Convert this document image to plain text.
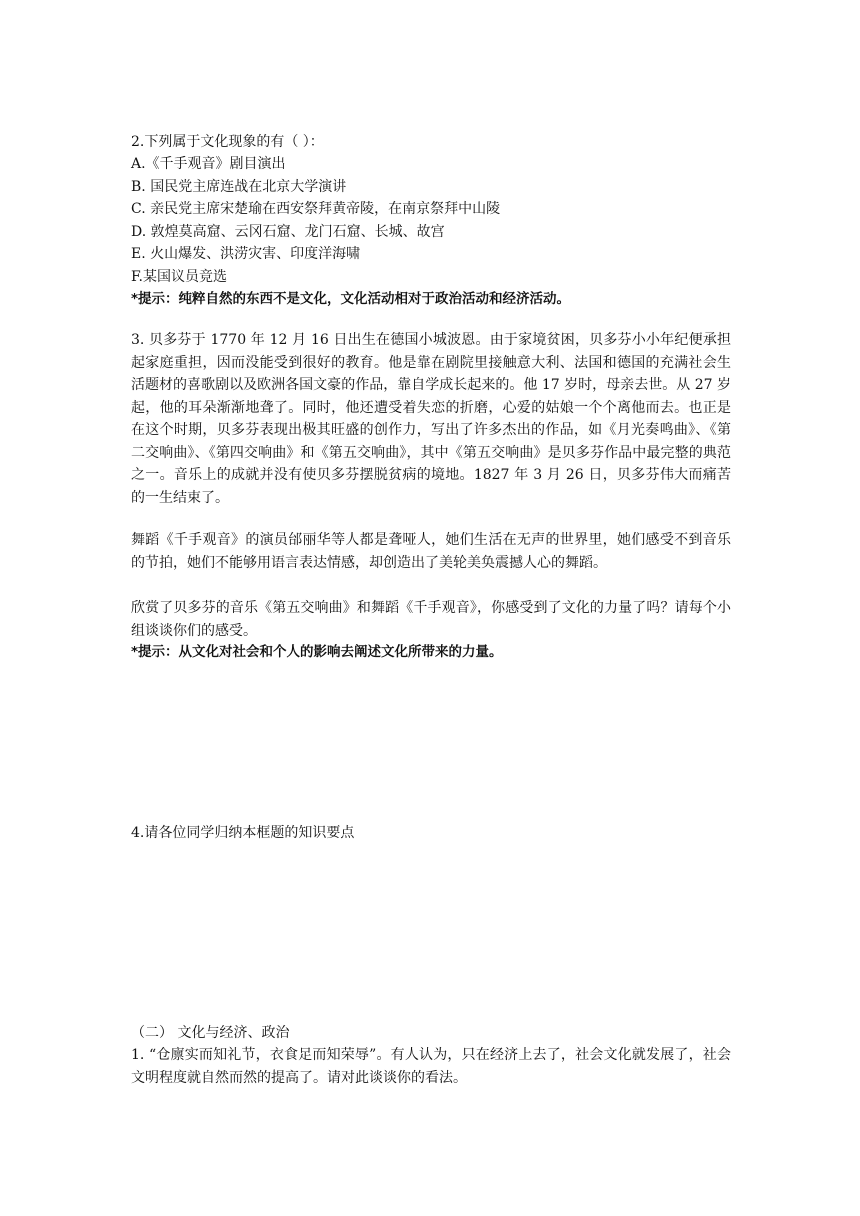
2.下列属于文化现象的有（ ）：
A.《千手观音》剧目演出
B. 国民党主席连战在北京大学演讲
C. 亲民党主席宋楚瑜在西安祭拜黄帝陵，在南京祭拜中山陵
D. 敦煌莫高窟、云冈石窟、龙门石窟、长城、故宫
E. 火山爆发、洪涝灾害、印度洋海啸
F.某国议员竞选
*提示：纯粹自然的东西不是文化，文化活动相对于政治活动和经济活动。
3. 贝多芬于 1770 年 12 月 16 日出生在德国小城波恩。由于家境贫困，贝多芬小小年纪便承担起家庭重担，因而没能受到很好的教育。他是靠在剧院里接触意大利、法国和德国的充满社会生活题材的喜歌剧以及欧洲各国文豪的作品，靠自学成长起来的。他 17 岁时，母亲去世。从 27 岁起，他的耳朵渐渐地聋了。同时，他还遭受着失恋的折磨，心爱的姑娘一个个离他而去。也正是在这个时期，贝多芬表现出极其旺盛的创作力，写出了许多杰出的作品，如《月光奏鸣曲》、《第二交响曲》、《第四交响曲》和《第五交响曲》，其中《第五交响曲》是贝多芬作品中最完整的典范之一。音乐上的成就并没有使贝多芬摆脱贫病的境地。1827 年 3 月 26 日，贝多芬伟大而痛苦的一生结束了。
舞蹈《千手观音》的演员邰丽华等人都是聋哑人，她们生活在无声的世界里，她们感受不到音乐的节拍，她们不能够用语言表达情感，却创造出了美轮美奂震撼人心的舞蹈。
欣赏了贝多芬的音乐《第五交响曲》和舞蹈《千手观音》，你感受到了文化的力量了吗？请每个小组谈谈你们的感受。
*提示：从文化对社会和个人的影响去阐述文化所带来的力量。
4.请各位同学归纳本框题的知识要点
（二） 文化与经济、政治
1. “仓廪实而知礼节，衣食足而知荣辱”。有人认为，只在经济上去了，社会文化就发展了，社会文明程度就自然而然的提高了。请对此谈谈你的看法。
